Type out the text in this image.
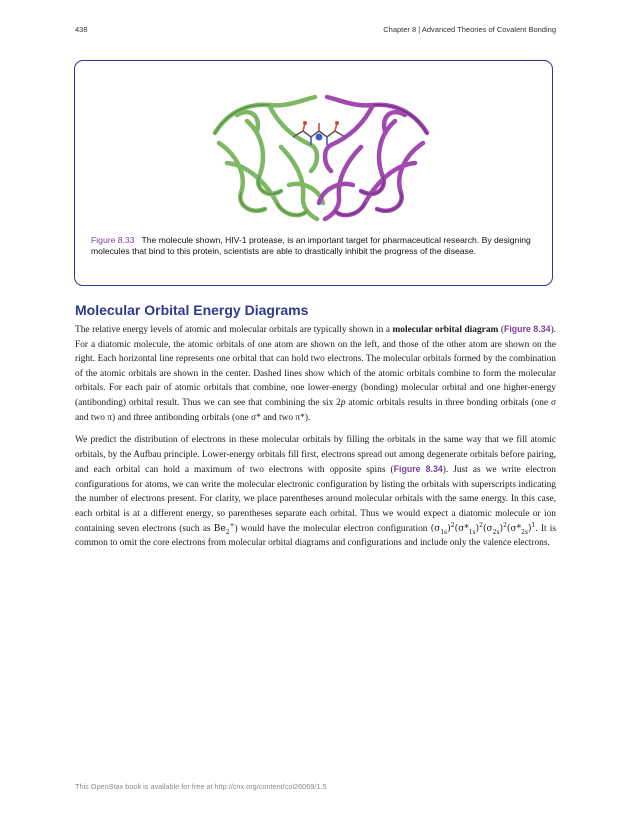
438	Chapter 8 | Advanced Theories of Covalent Bonding
Figure 8.33 The molecule shown, HIV-1 protease, is an important target for pharmaceutical research. By designing molecules that bind to this protein, scientists are able to drastically inhibit the progress of the disease.
Molecular Orbital Energy Diagrams

The relative energy levels of atomic and molecular orbitals are typically shown in a molecular orbital diagram (Figure 8.34). For a diatomic molecule, the atomic orbitals of one atom are shown on the left, and those of the other atom are shown on the right. Each horizontal line represents one orbital that can hold two electrons. The molecular orbitals formed by the combination of the atomic orbitals are shown in the center. Dashed lines show which of the atomic orbitals combine to form the molecular orbitals. For each pair of atomic orbitals that combine, one lower-energy (bonding) molecular orbital and one higher-energy (antibonding) orbital result. Thus we can see that combining the six 2p atomic orbitals results in three bonding orbitals (one σ and two π) and three antibonding orbitals (one σ* and two π*).

We predict the distribution of electrons in these molecular orbitals by filling the orbitals in the same way that we fill atomic orbitals, by the Aufbau principle. Lower-energy orbitals fill first, electrons spread out among degenerate orbitals before pairing, and each orbital can hold a maximum of two electrons with opposite spins (Figure 8.34). Just as we write electron configurations for atoms, we can write the molecular electronic configuration by listing the orbitals with superscripts indicating the number of electrons present. For clarity, we place parentheses around molecular orbitals with the same energy. In this case, each orbital is at a different energy, so parentheses separate each orbital. Thus we would expect a diatomic molecule or ion containing seven electrons (such as $Be_2^+$) would have the molecular electron configuration $(\sigma_{1s})^2(\sigma*_{1s})^2(\sigma_{2s})^2(\sigma*_{2s})^1$. It is common to omit the core electrons from molecular orbital diagrams and configurations and include only the valence electrons.

This OpenStax book is available for free at http://cnx.org/content/col26069/1.5
